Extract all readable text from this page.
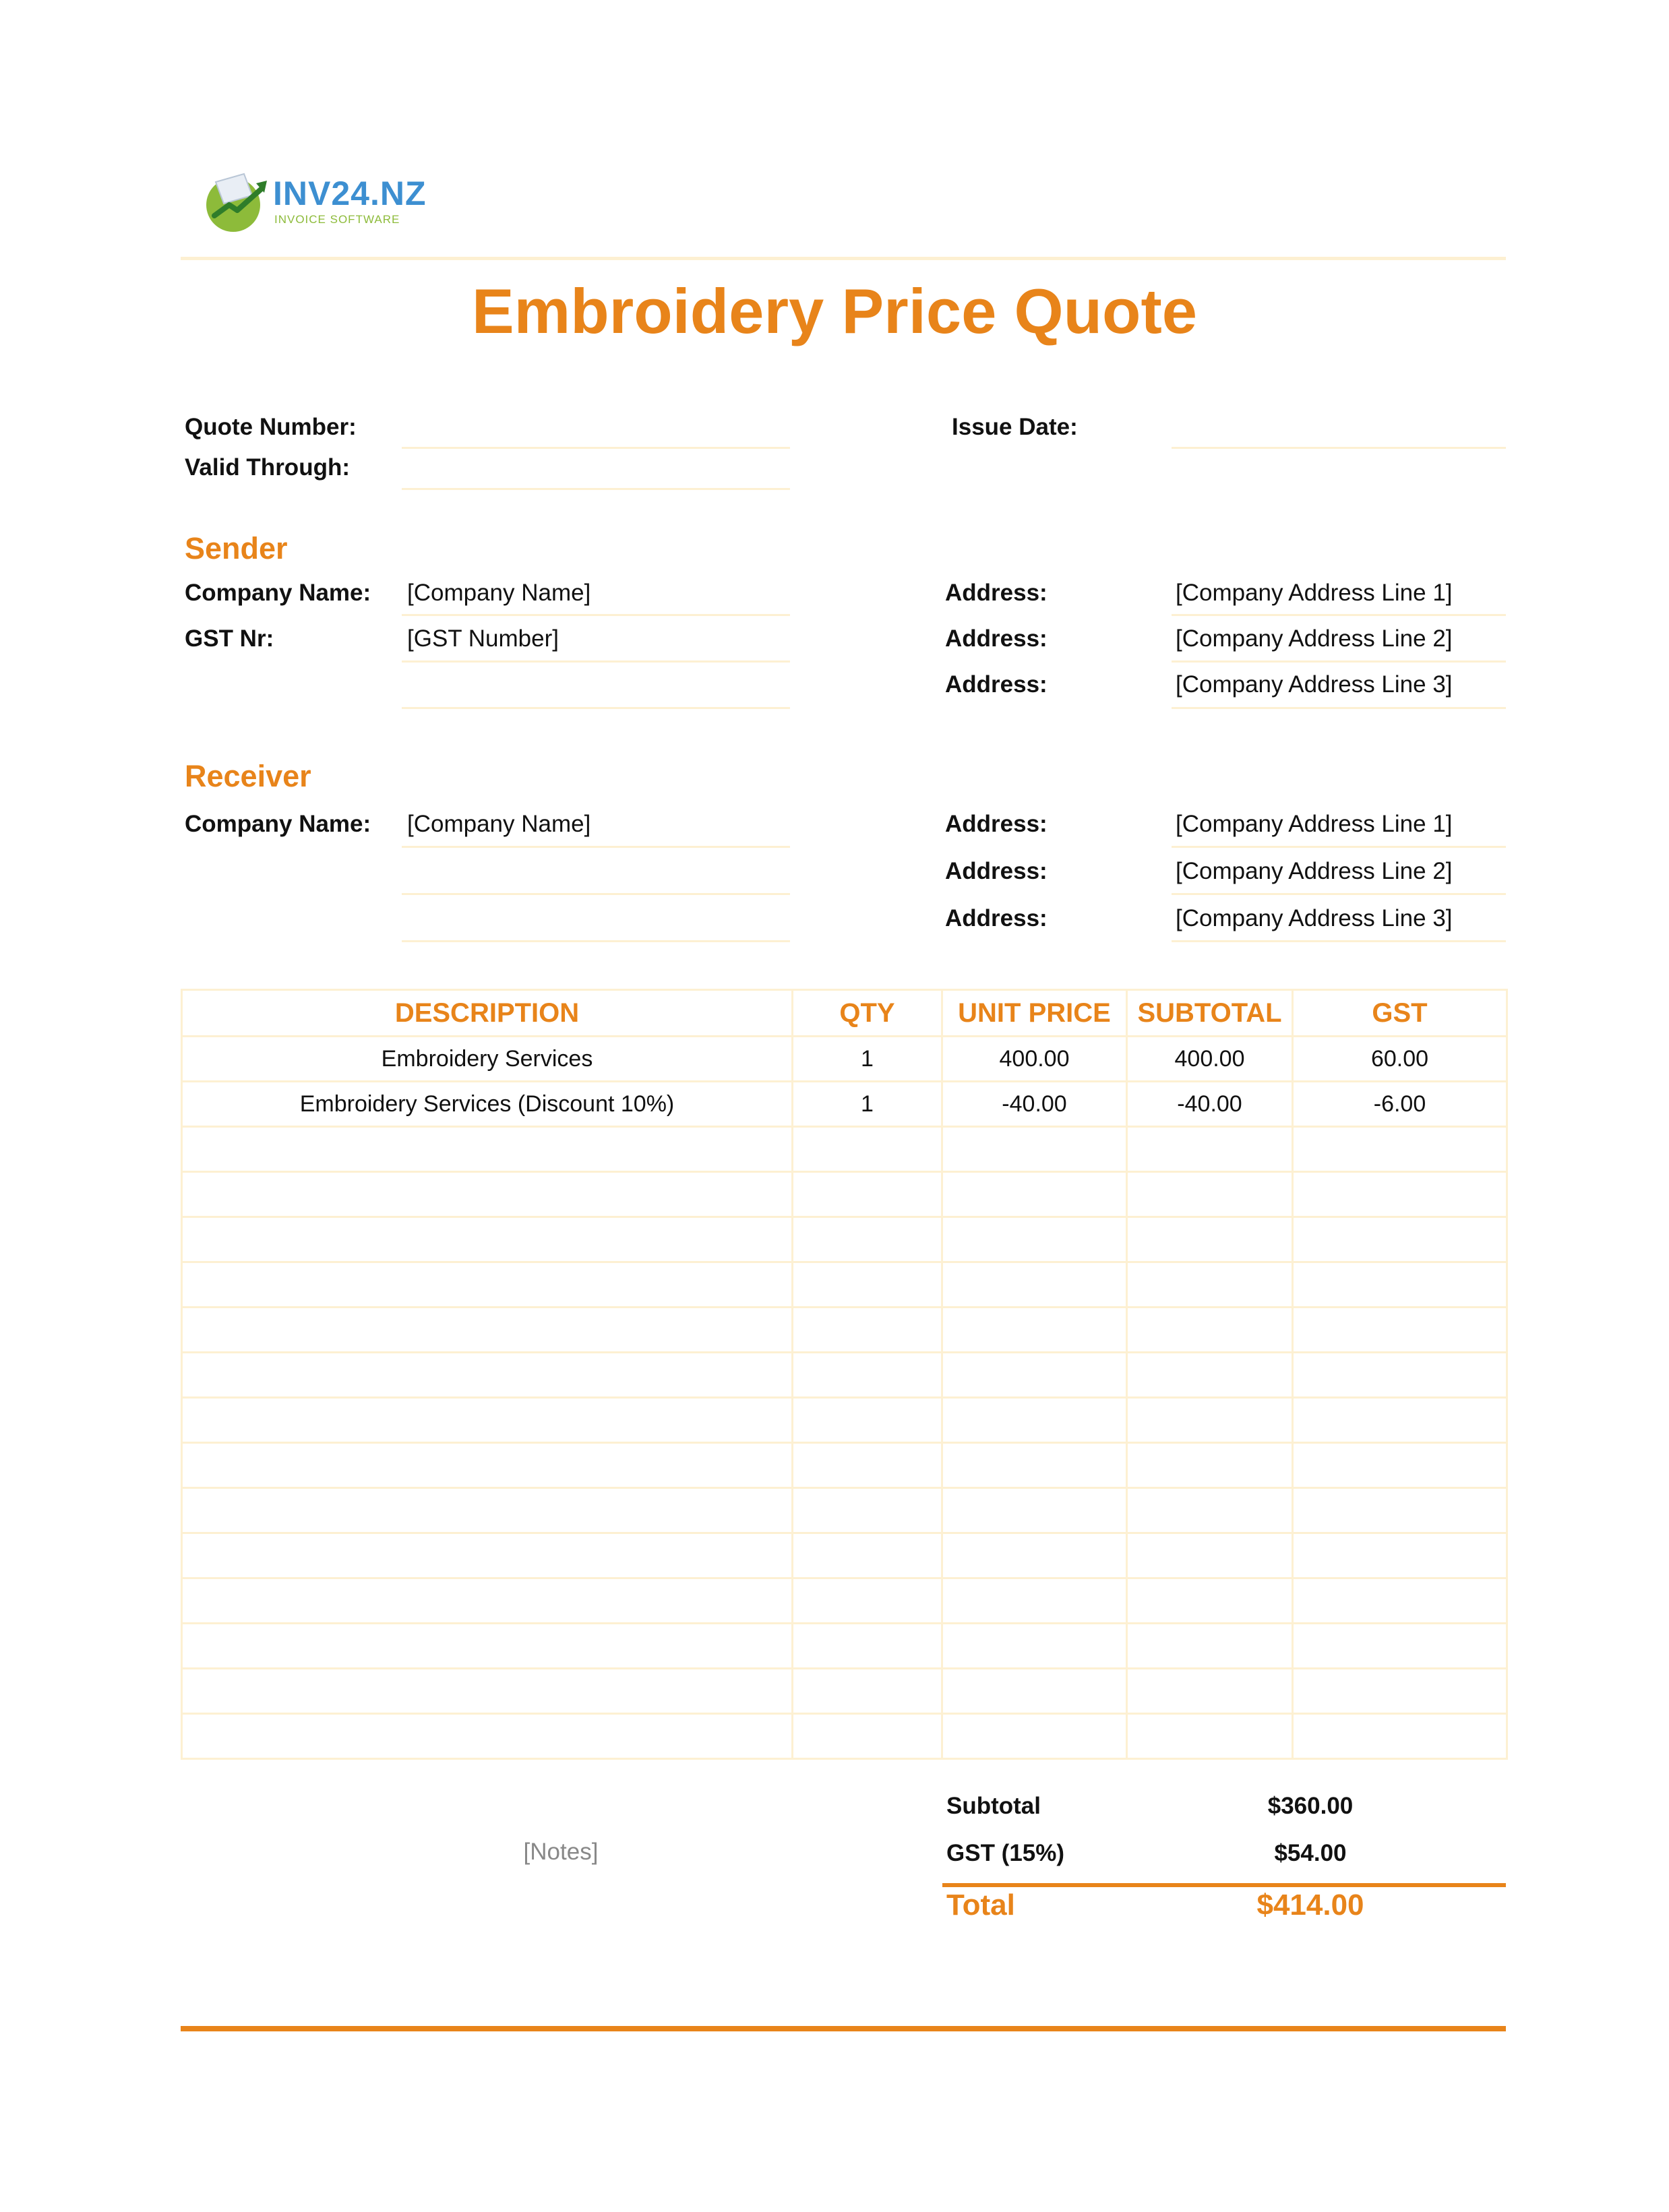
INV24.NZ
INVOICE SOFTWARE
Embroidery Price Quote
Quote Number:
Valid Through:
Issue Date:
Sender
Company Name: [Company Name]
GST Nr:	[GST Number]
Address:	[Company Address Line 1]
Address:	[Company Address Line 2]
Address:	[Company Address Line 3]
Receiver
Company Name: [Company Name]	Address:	[Company Address Line 1]
Address:	[Company Address Line 2]
Address:	[Company Address Line 3]
DESCRIPTION	QTY	UNIT PRICE	SUBTOTAL	GST
Embroidery Services	1	400.00	400.00	60.00
Embroidery Services (Discount 10%)	1	-40.00	-40.00	-6.00

[Notes]
Subtotal	$360.00
GST (15%)	$54.00
Total	$414.00
